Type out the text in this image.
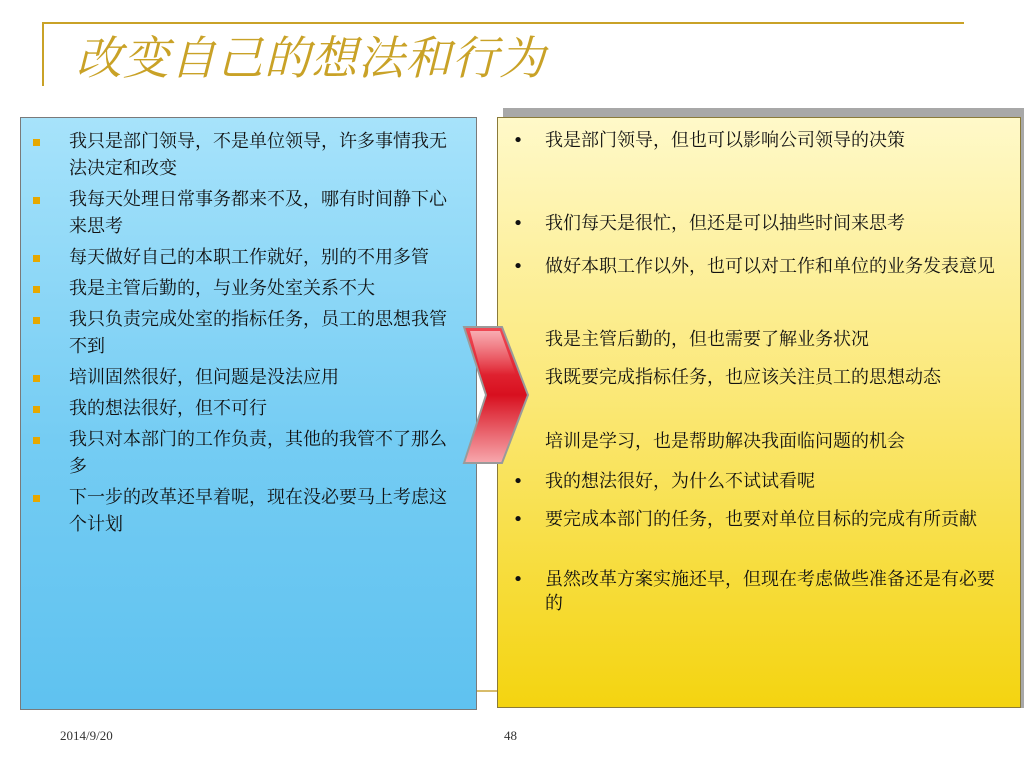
改变自己的想法和行为
我只是部门领导，不是单位领导，许多事情我无法决定和改变
我每天处理日常事务都来不及，哪有时间静下心来思考
每天做好自己的本职工作就好，别的不用多管
我是主管后勤的，与业务处室关系不大
我只负责完成处室的指标任务，员工的思想我管不到
培训固然很好，但问题是没法应用
我的想法很好，但不可行
我只对本部门的工作负责，其他的我管不了那么多
下一步的改革还早着呢，现在没必要马上考虑这个计划
• 我是部门领导，但也可以影响公司领导的决策
• 我们每天是很忙，但还是可以抽些时间来思考
• 做好本职工作以外，也可以对工作和单位的业务发表意见
我是主管后勤的，但也需要了解业务状况
我既要完成指标任务，也应该关注员工的思想动态
培训是学习，也是帮助解决我面临问题的机会
• 我的想法很好，为什么不试试看呢
• 要完成本部门的任务，也要对单位目标的完成有所贡献
• 虽然改革方案实施还早，但现在考虑做些准备还是有必要的
2014/9/20	48
